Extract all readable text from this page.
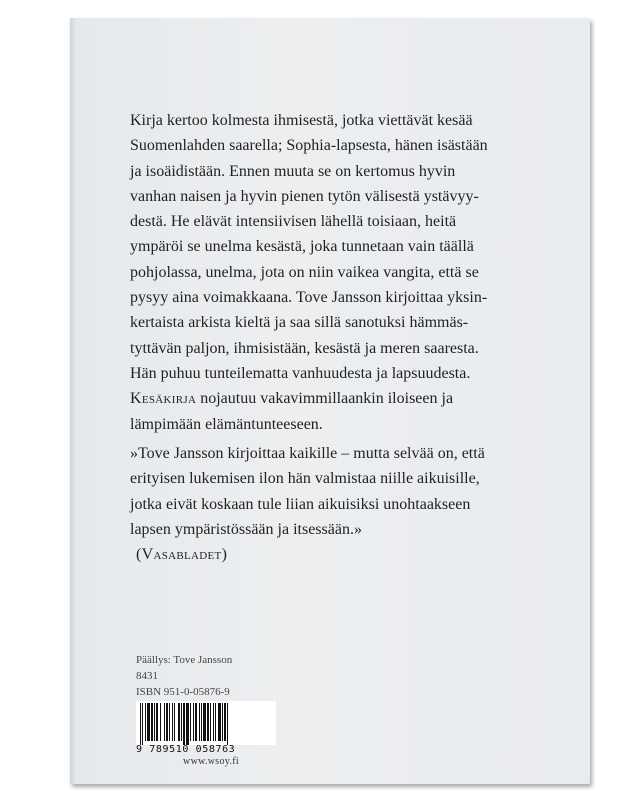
Kirja kertoo kolmesta ihmisestä, jotka viettävät kesää
Suomenlahden saarella; Sophia-lapsesta, hänen isästään
ja isoäidistään. Ennen muuta se on kertomus hyvin
vanhan naisen ja hyvin pienen tytön välisestä ystävyy-
destä. He elävät intensiivisen lähellä toisiaan, heitä
ympäröi se unelma kesästä, joka tunnetaan vain täällä
pohjolassa, unelma, jota on niin vaikea vangita, että se
pysyy aina voimakkaana. Tove Jansson kirjoittaa yksin-
kertaista arkista kieltä ja saa sillä sanotuksi hämmäs-
tyttävän paljon, ihmisistään, kesästä ja meren saaresta.
Hän puhuu tunteilematta vanhuudesta ja lapsuudesta.
Kesäkirja nojautuu vakavimmillaankin iloiseen ja
lämpimään elämäntunteeseen.

»Tove Jansson kirjoittaa kaikille – mutta selvää on, että
erityisen lukemisen ilon hän valmistaa niille aikuisille,
jotka eivät koskaan tule liian aikuisiksi unohtaakseen
lapsen ympäristössään ja itsessään.»
(Vasabladet)

Päällys: Tove Jansson
8431
ISBN 951-0-05876-9
9 789510 058763
www.wsoy.fi
